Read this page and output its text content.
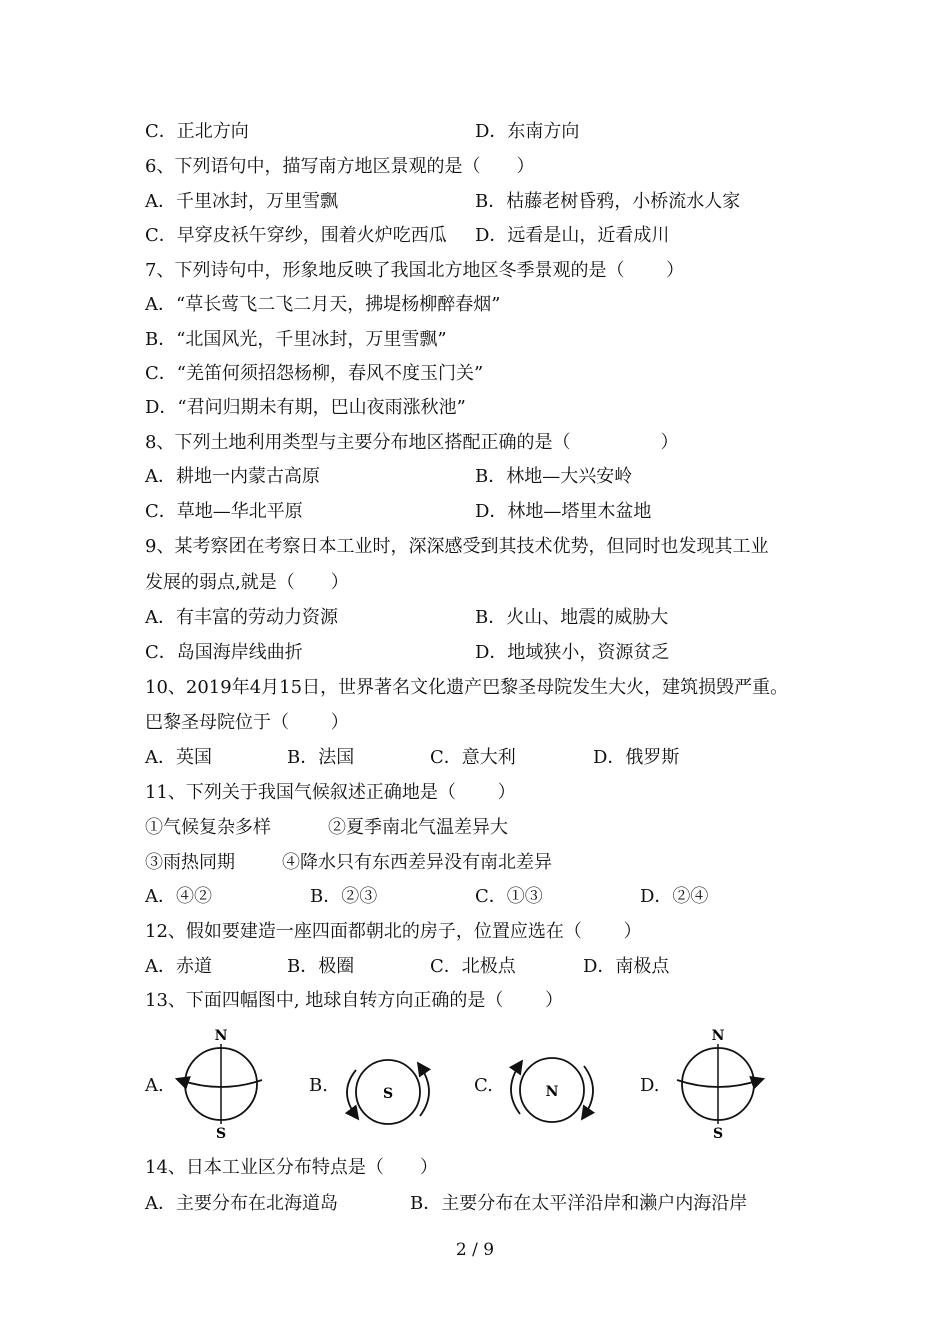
C．正北方向	D．东南方向
6、下列语句中，描写南方地区景观的是（　　）
A．千里冰封，万里雪飘	B．枯藤老树昏鸦，小桥流水人家
C．早穿皮袄午穿纱，围着火炉吃西瓜 D．远看是山，近看成川
7、下列诗句中，形象地反映了我国北方地区冬季景观的是（　　 ）
A．“草长莺飞二飞二月天，拂堤杨柳醉春烟”
B．“北国风光，千里冰封，万里雪飘”
C．“羌笛何须招怨杨柳，春风不度玉门关”
D．“君问归期未有期，巴山夜雨涨秋池”
8、下列土地利用类型与主要分布地区搭配正确的是（　　　　　）
A．耕地一内蒙古高原	B．林地—大兴安岭
C．草地—华北平原	D．林地—塔里木盆地
9、某考察团在考察日本工业时，深深感受到其技术优势，但同时也发现其工业
发展的弱点,就是（　　）
A．有丰富的劳动力资源	B．火山、地震的威胁大
C．岛国海岸线曲折	D．地域狭小，资源贫乏
10、2019年4月15日，世界著名文化遗产巴黎圣母院发生大火，建筑损毁严重。
巴黎圣母院位于（　　 ）
A．英国	B．法国	C．意大利	D．俄罗斯
11、下列关于我国气候叙述正确地是（　　 ）
①气候复杂多样	②夏季南北气温差异大
③雨热同期	④降水只有东西差异没有南北差异
A．④②	B．②③	C．①③	D．②④
12、假如要建造一座四面都朝北的房子，位置应选在（　　 ）
A．赤道	B．极圈	C．北极点	D．南极点
13、下面四幅图中, 地球自转方向正确的是（　　 ）
A.	B.	C.	D.
N
S
S	N
N
S
14、日本工业区分布特点是（　　）
A．主要分布在北海道岛	B．主要分布在太平洋沿岸和濑户内海沿岸
2 / 9
